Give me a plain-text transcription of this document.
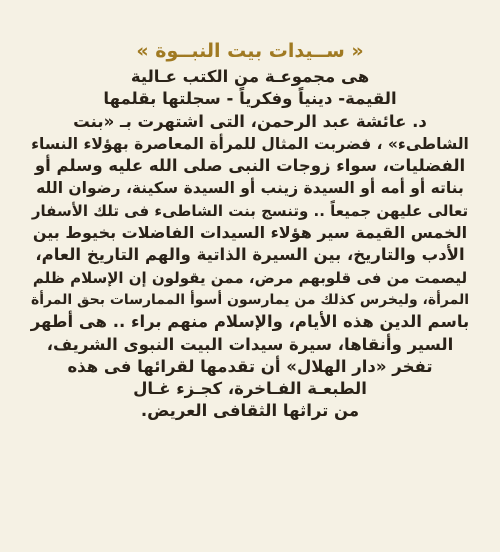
« ســيدات بيت النبــوة »
هى مجموعـة من الكتب عـالية
القيمة- دينياً وفكرياً - سجلتها بقلمها
د. عائشة عبد الرحمن، التى اشتهرت بـ «بنت
الشاطىء» ، فضربت المثال للمرأة المعاصرة بهؤلاء النساء
الفضليات، سواء زوجات النبى صلى الله عليه وسلم أو
بناته أو أمه أو السيدة زينب أو السيدة سكينة، رضوان الله
تعالى عليهن جميعاً .. وتنسج بنت الشاطىء فى تلك الأسفار
الخمس القيمة سير هؤلاء السيدات الفاضلات بخيوط بين
الأدب والتاريخ، بين السيرة الذاتية والهم التاريخ العام،
ليصمت من فى قلوبهم مرض، ممن يقولون إن الإسلام ظلم
المرأة، وليخرس كذلك من يمارسون أسوأ الممارسات بحق المرأة
باسم الدين هذه الأيام، والإسلام منهم براء .. هى أطهر
السير وأنقاها، سيرة سيدات البيت النبوى الشريف،
تفخر «دار الهلال» أن تقدمها لقرائها فى هذه
الطبعـة الفـاخرة، كجـزء غـال
من تراثها الثقافى العريض.
